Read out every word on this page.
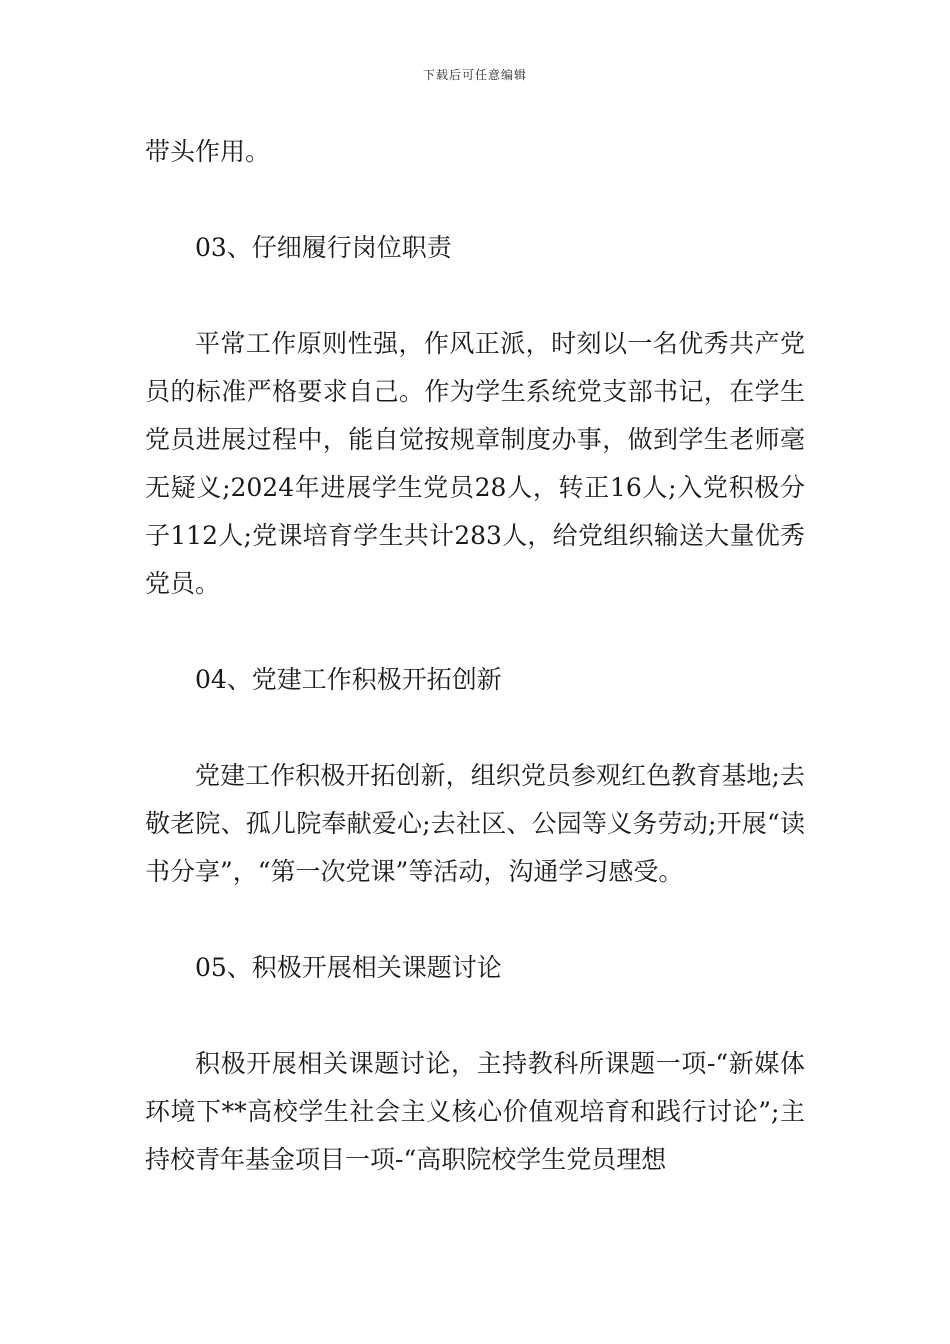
下载后可任意编辑

带头作用。

03、仔细履行岗位职责

平常工作原则性强，作风正派，时刻以一名优秀共产党员的标准严格要求自己。作为学生系统党支部书记，在学生党员进展过程中，能自觉按规章制度办事，做到学生老师毫无疑义;2024年进展学生党员28人，转正16人;入党积极分子112人;党课培育学生共计283人，给党组织输送大量优秀党员。

04、党建工作积极开拓创新

党建工作积极开拓创新，组织党员参观红色教育基地;去敬老院、孤儿院奉献爱心;去社区、公园等义务劳动;开展“读书分享”，“第一次党课”等活动，沟通学习感受。

05、积极开展相关课题讨论

积极开展相关课题讨论，主持教科所课题一项-“新媒体环境下**高校学生社会主义核心价值观培育和践行讨论”;主持校青年基金项目一项-“高职院校学生党员理想
